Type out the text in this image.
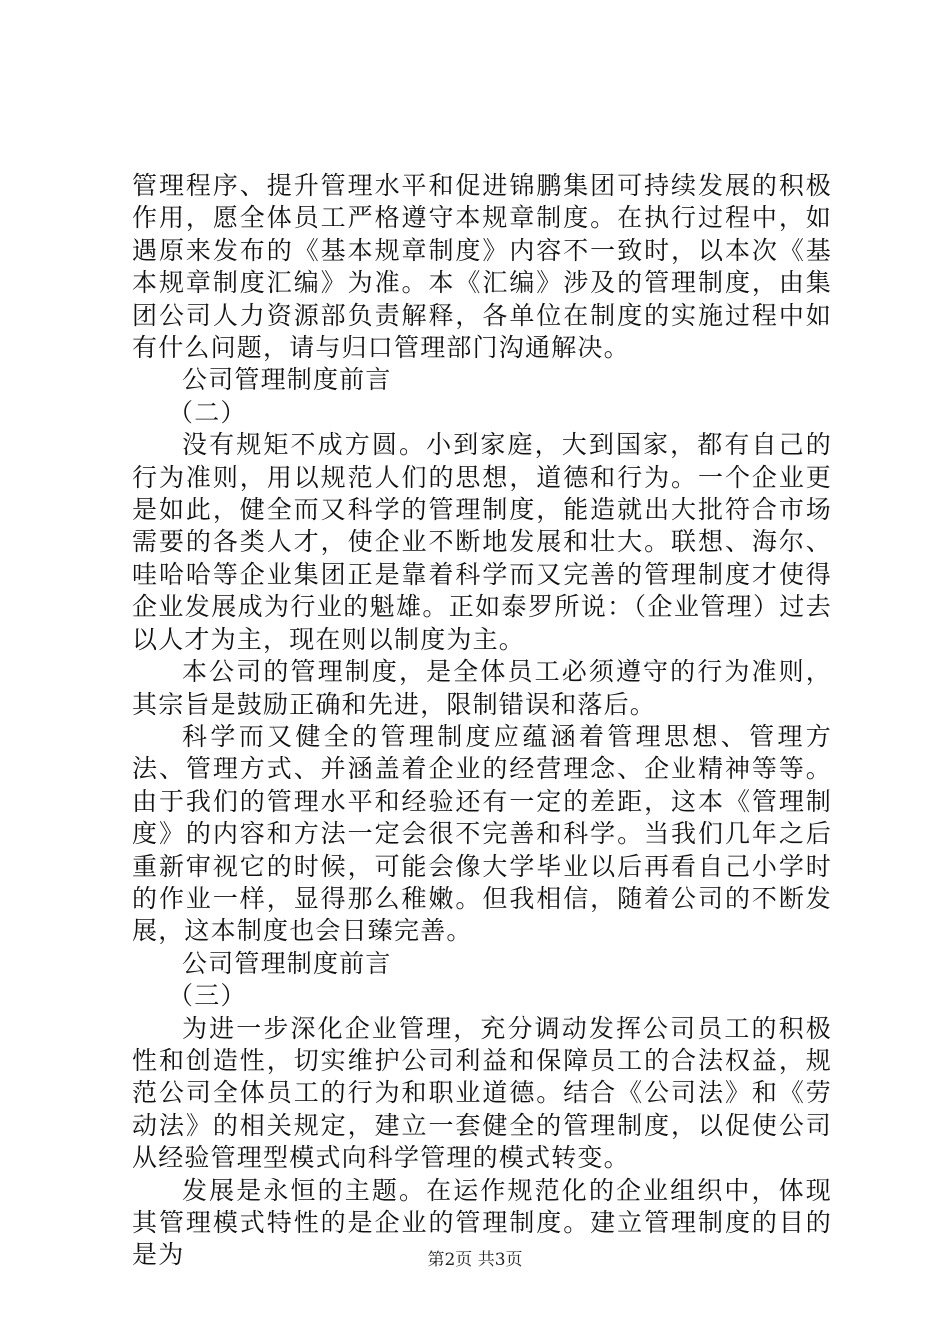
管理程序、提升管理水平和促进锦鹏集团可持续发展的积极作用，愿全体员工严格遵守本规章制度。在执行过程中，如遇原来发布的《基本规章制度》内容不一致时，以本次《基本规章制度汇编》为准。本《汇编》涉及的管理制度，由集团公司人力资源部负责解释，各单位在制度的实施过程中如有什么问题，请与归口管理部门沟通解决。

公司管理制度前言

（二）

没有规矩不成方圆。小到家庭，大到国家，都有自己的行为准则，用以规范人们的思想，道德和行为。一个企业更是如此，健全而又科学的管理制度，能造就出大批符合市场需要的各类人才，使企业不断地发展和壮大。联想、海尔、哇哈哈等企业集团正是靠着科学而又完善的管理制度才使得企业发展成为行业的魁雄。正如泰罗所说：（企业管理）过去以人才为主，现在则以制度为主。

本公司的管理制度，是全体员工必须遵守的行为准则，其宗旨是鼓励正确和先进，限制错误和落后。

科学而又健全的管理制度应蕴涵着管理思想、管理方法、管理方式、并涵盖着企业的经营理念、企业精神等等。由于我们的管理水平和经验还有一定的差距，这本《管理制度》的内容和方法一定会很不完善和科学。当我们几年之后重新审视它的时候，可能会像大学毕业以后再看自己小学时的作业一样，显得那么稚嫩。但我相信，随着公司的不断发展，这本制度也会日臻完善。

公司管理制度前言

（三）

为进一步深化企业管理，充分调动发挥公司员工的积极性和创造性，切实维护公司利益和保障员工的合法权益，规范公司全体员工的行为和职业道德。结合《公司法》和《劳动法》的相关规定，建立一套健全的管理制度，以促使公司从经验管理型模式向科学管理的模式转变。

发展是永恒的主题。在运作规范化的企业组织中，体现其管理模式特性的是企业的管理制度。建立管理制度的目的是为	第2页 共3页
